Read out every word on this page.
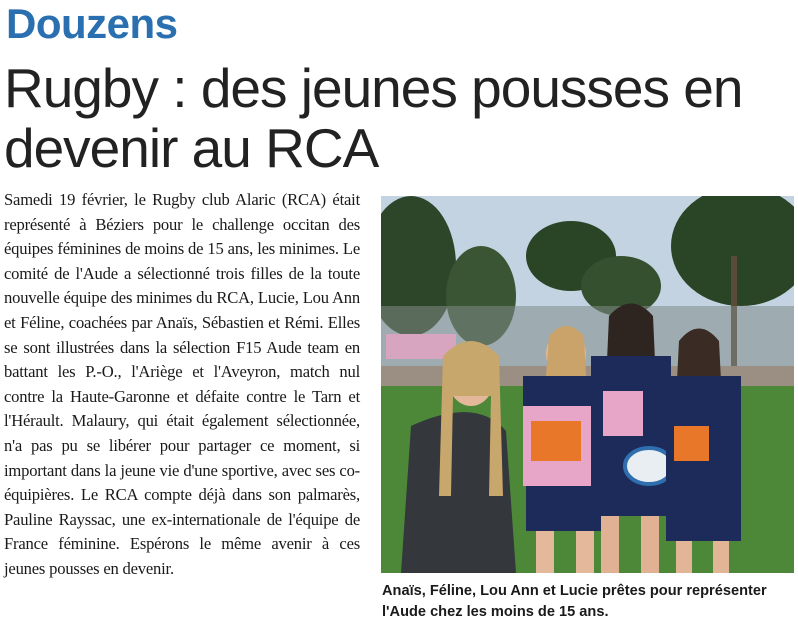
Douzens
Rugby : des jeunes pousses en devenir au RCA
Samedi 19 février, le Rugby club Alaric (RCA) était représenté à Béziers pour le challenge occitan des équipes féminines de moins de 15 ans, les minimes. Le comité de l'Aude a sélectionné trois filles de la toute nouvelle équipe des minimes du RCA, Lucie, Lou Ann et Féline, coachées par Anaïs, Sébastien et Rémi. Elles se sont illustrées dans la sélection F15 Aude team en battant les P.-O., l'Ariège et l'Aveyron, match nul contre la Haute-Garonne et défaite contre le Tarn et l'Hérault. Malaury, qui était également sélectionnée, n'a pas pu se libérer pour partager ce moment, si important dans la jeune vie d'une sportive, avec ses co-équipières. Le RCA compte déjà dans son palmarès, Pauline Rayssac, une ex-internationale de l'équipe de France féminine. Espérons le même avenir à ces jeunes pousses en devenir.
Anaïs, Féline, Lou Ann et Lucie prêtes pour représenter l'Aude chez les moins de 15 ans.
